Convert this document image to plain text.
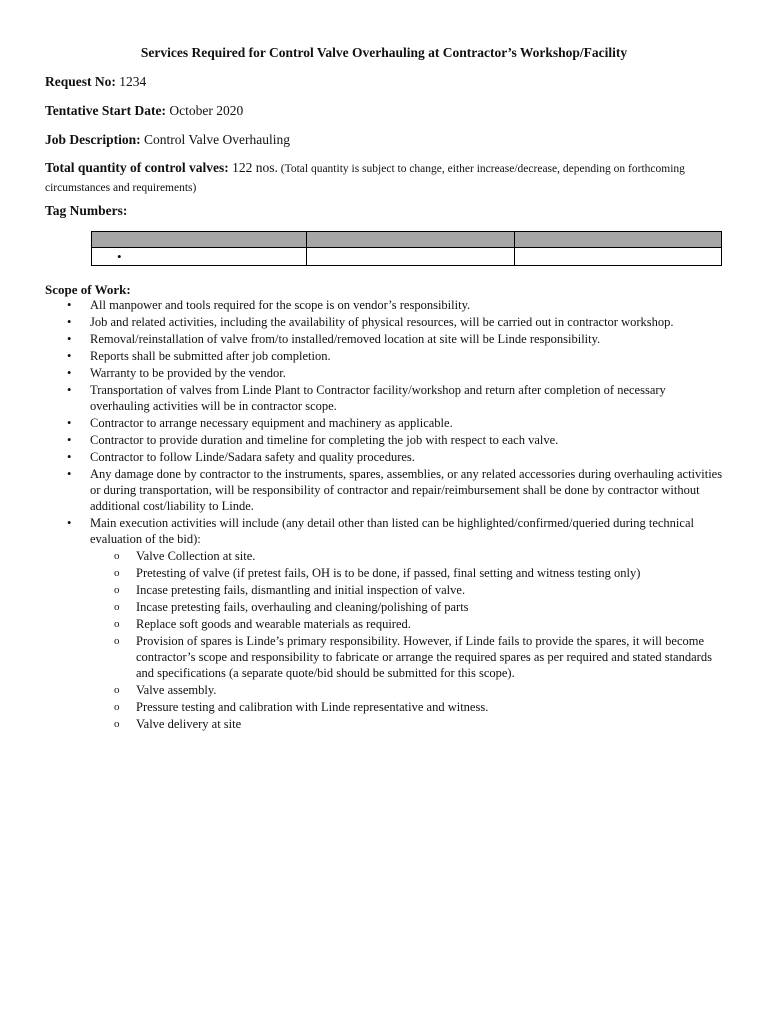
Services Required for Control Valve Overhauling at Contractor’s Workshop/Facility
Request No: 1234
Tentative Start Date: October 2020
Job Description: Control Valve Overhauling
Total quantity of control valves: 122 nos. (Total quantity is subject to change, either increase/decrease, depending on forthcoming circumstances and requirements)
Tag Numbers:

•		

Scope of Work:
• All manpower and tools required for the scope is on vendor’s responsibility.
• Job and related activities, including the availability of physical resources, will be carried out in contractor workshop.
• Removal/reinstallation of valve from/to installed/removed location at site will be Linde responsibility.
• Reports shall be submitted after job completion.
• Warranty to be provided by the vendor.
• Transportation of valves from Linde Plant to Contractor facility/workshop and return after completion of necessary overhauling activities will be in contractor scope.
• Contractor to arrange necessary equipment and machinery as applicable.
• Contractor to provide duration and timeline for completing the job with respect to each valve.
• Contractor to follow Linde/Sadara safety and quality procedures.
• Any damage done by contractor to the instruments, spares, assemblies, or any related accessories during overhauling activities or during transportation, will be responsibility of contractor and repair/reimbursement shall be done by contractor without additional cost/liability to Linde.
• Main execution activities will include (any detail other than listed can be highlighted/confirmed/queried during technical evaluation of the bid):
o Valve Collection at site.
o Pretesting of valve (if pretest fails, OH is to be done, if passed, final setting and witness testing only)
o Incase pretesting fails, dismantling and initial inspection of valve.
o Incase pretesting fails, overhauling and cleaning/polishing of parts
o Replace soft goods and wearable materials as required.
o Provision of spares is Linde’s primary responsibility. However, if Linde fails to provide the spares, it will become contractor’s scope and responsibility to fabricate or arrange the required spares as per required and stated standards and specifications (a separate quote/bid should be submitted for this scope).
o Valve assembly.
o Pressure testing and calibration with Linde representative and witness.
o Valve delivery at site
